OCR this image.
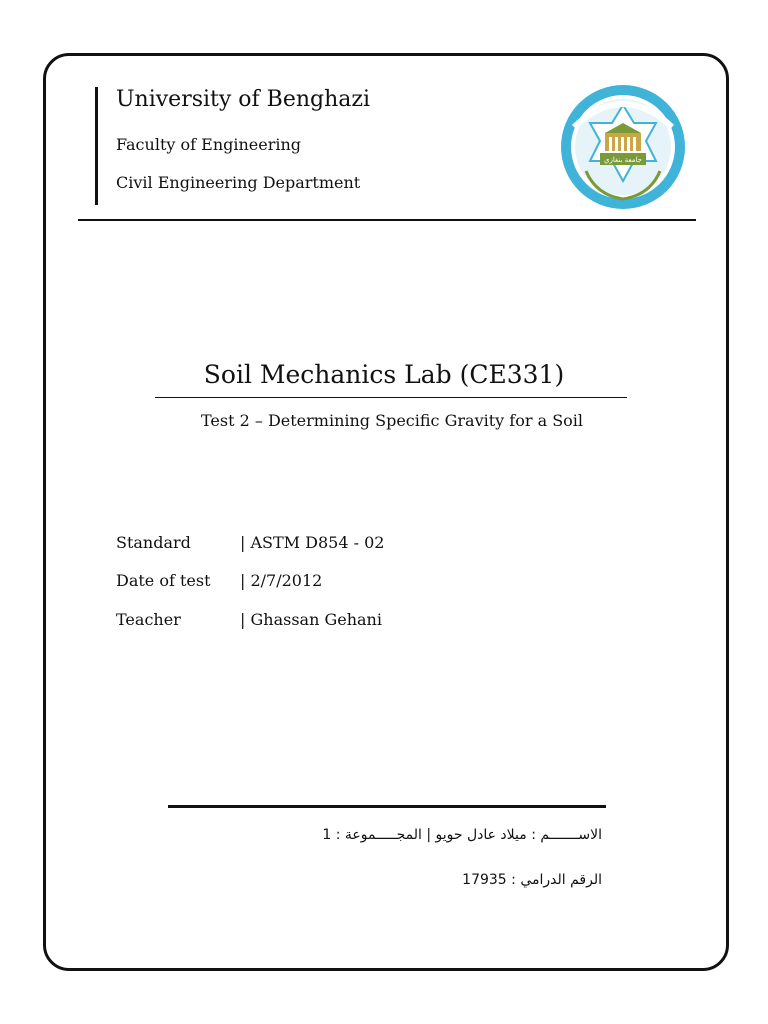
University of Benghazi
Faculty of Engineering
Civil Engineering Department
جامعة بنغازي
Soil Mechanics Lab (CE331)
Test 2 – Determining Specific Gravity for a Soil
Standard	| ASTM D854 - 02
Date of test | 2/7/2012
Teacher	| Ghassan Gehani
الاســـــــم : ميلاد عادل حويو | المجـــــموعة : 1
الرقم الدرامي : 17935
